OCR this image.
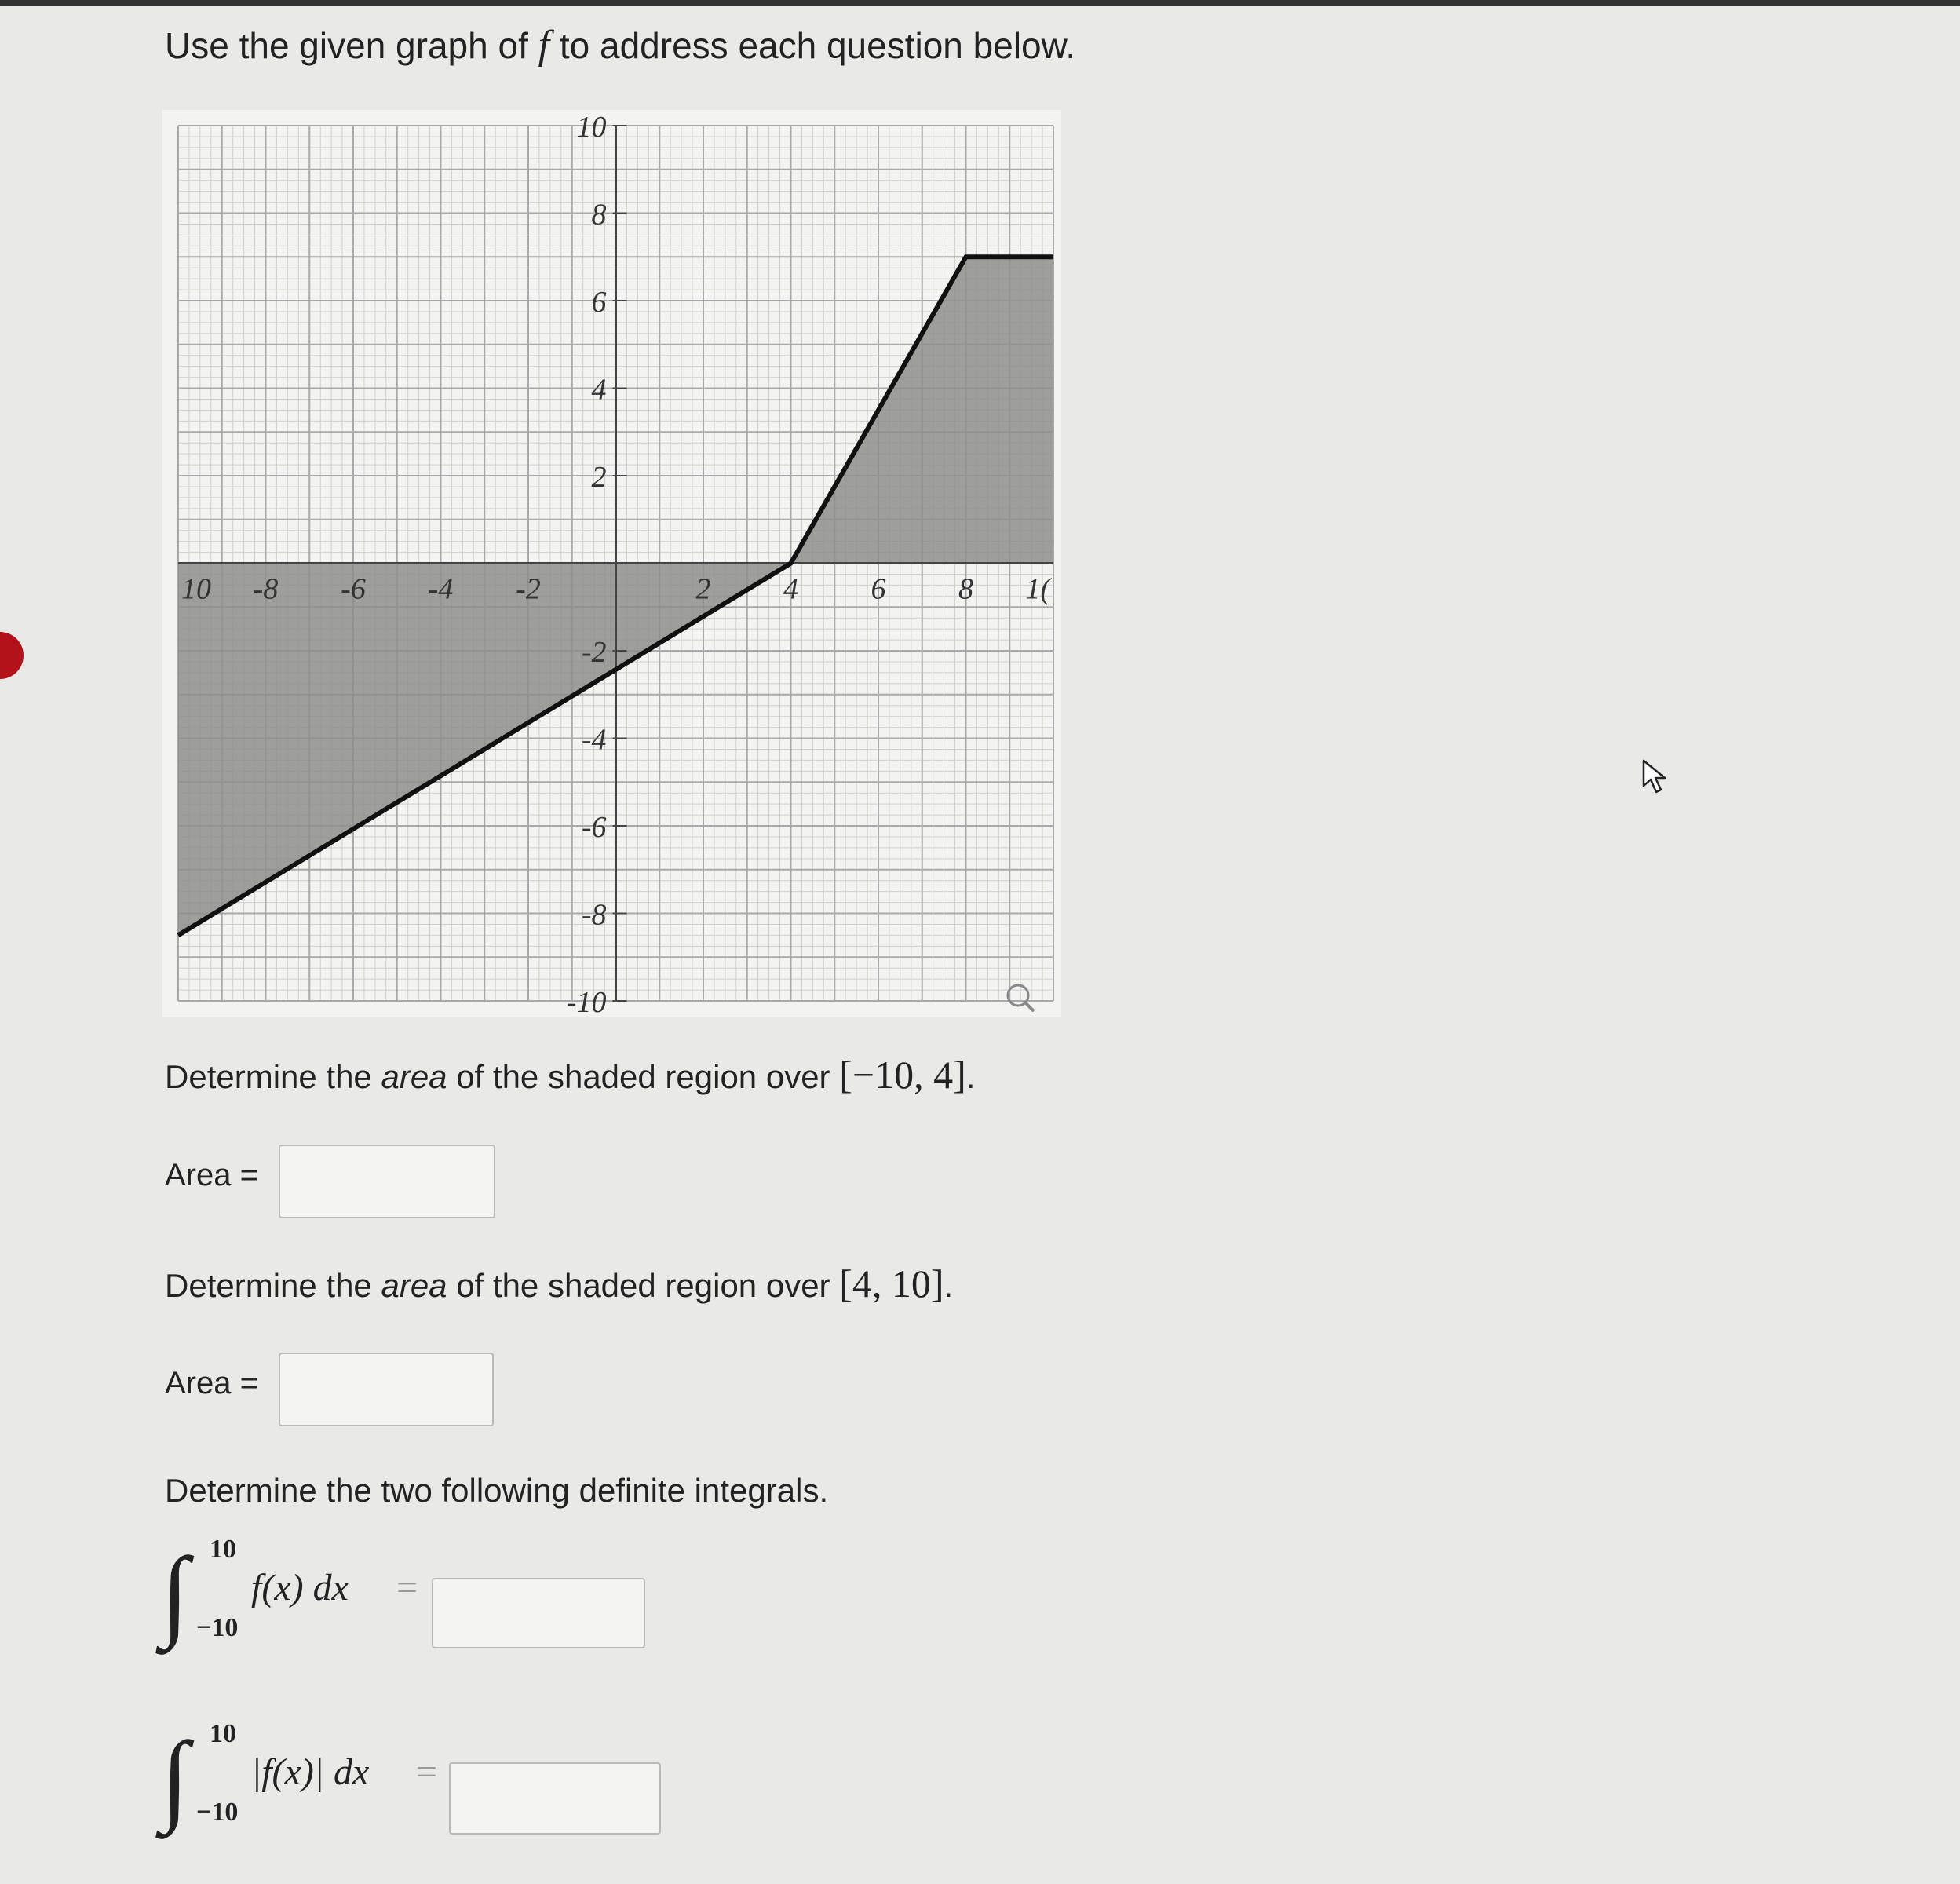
Use the given graph of f to address each question below.
10
8
6
4
2
-2
-4
-6
-8
-10
10 -8 -6 -4 -2	2 4 6 8 1(
Determine the area of the shaded region over [−10, 4].
Area =
Determine the area of the shaded region over [4, 10].
Area =
Determine the two following definite integrals.
∫ 10
−10
f(x) dx =
∫ 10
−10
|f(x)| dx =
